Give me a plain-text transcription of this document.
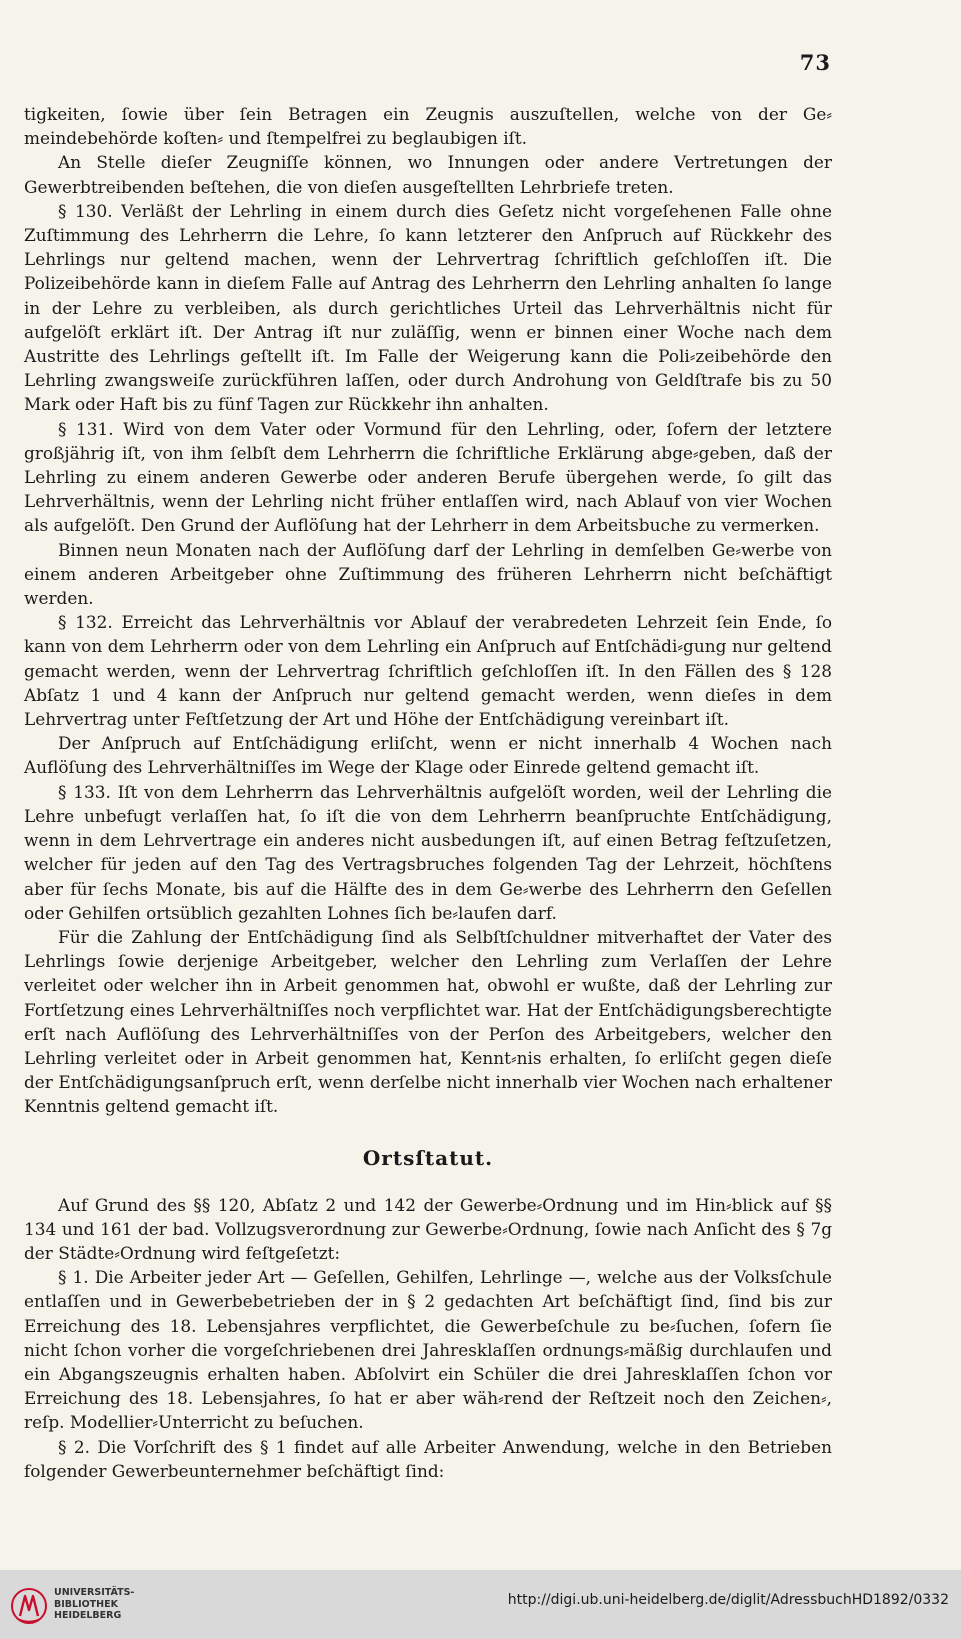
73

tigkeiten, ſowie über ſein Betragen ein Zeugnis auszuſtellen, welche von der Ge⸗meindebehörde koſten⸗ und ſtempelfrei zu beglaubigen iſt.

An Stelle dieſer Zeugniſſe können, wo Innungen oder andere Vertretungen der Gewerbtreibenden beſtehen, die von dieſen ausgeſtellten Lehrbriefe treten.

§ 130. Verläßt der Lehrling in einem durch dies Geſetz nicht vorgeſehenen Falle ohne Zuſtimmung des Lehrherrn die Lehre, ſo kann letzterer den Anſpruch auf Rückkehr des Lehrlings nur geltend machen, wenn der Lehrvertrag ſchriftlich geſchloſſen iſt. Die Polizeibehörde kann in dieſem Falle auf Antrag des Lehrherrn den Lehrling anhalten ſo lange in der Lehre zu verbleiben, als durch gerichtliches Urteil das Lehrverhältnis nicht für aufgelöſt erklärt iſt. Der Antrag iſt nur zuläſſig, wenn er binnen einer Woche nach dem Austritte des Lehrlings geſtellt iſt. Im Falle der Weigerung kann die Poli⸗zeibehörde den Lehrling zwangsweiſe zurückführen laſſen, oder durch Androhung von Geldſtrafe bis zu 50 Mark oder Haft bis zu fünf Tagen zur Rückkehr ihn anhalten.

§ 131. Wird von dem Vater oder Vormund für den Lehrling, oder, ſofern der letztere großjährig iſt, von ihm ſelbſt dem Lehrherrn die ſchriftliche Erklärung abge⸗geben, daß der Lehrling zu einem anderen Gewerbe oder anderen Berufe übergehen werde, ſo gilt das Lehrverhältnis, wenn der Lehrling nicht früher entlaſſen wird, nach Ablauf von vier Wochen als aufgelöſt. Den Grund der Auflöſung hat der Lehrherr in dem Arbeitsbuche zu vermerken.

Binnen neun Monaten nach der Auflöſung darf der Lehrling in demſelben Ge⸗werbe von einem anderen Arbeitgeber ohne Zuſtimmung des früheren Lehrherrn nicht beſchäftigt werden.

§ 132. Erreicht das Lehrverhältnis vor Ablauf der verabredeten Lehrzeit ſein Ende, ſo kann von dem Lehrherrn oder von dem Lehrling ein Anſpruch auf Entſchädi⸗gung nur geltend gemacht werden, wenn der Lehrvertrag ſchriftlich geſchloſſen iſt. In den Fällen des § 128 Abſatz 1 und 4 kann der Anſpruch nur geltend gemacht werden, wenn dieſes in dem Lehrvertrag unter Feſtſetzung der Art und Höhe der Entſchädigung vereinbart iſt.

Der Anſpruch auf Entſchädigung erliſcht, wenn er nicht innerhalb 4 Wochen nach Auflöſung des Lehrverhältniſſes im Wege der Klage oder Einrede geltend gemacht iſt.

§ 133. Iſt von dem Lehrherrn das Lehrverhältnis aufgelöſt worden, weil der Lehrling die Lehre unbefugt verlaſſen hat, ſo iſt die von dem Lehrherrn beanſpruchte Entſchädigung, wenn in dem Lehrvertrage ein anderes nicht ausbedungen iſt, auf einen Betrag feſtzuſetzen, welcher für jeden auf den Tag des Vertragsbruches folgenden Tag der Lehrzeit, höchſtens aber für ſechs Monate, bis auf die Hälfte des in dem Ge⸗werbe des Lehrherrn den Geſellen oder Gehilfen ortsüblich gezahlten Lohnes ſich be⸗laufen darf.

Für die Zahlung der Entſchädigung ſind als Selbſtſchuldner mitverhaftet der Vater des Lehrlings ſowie derjenige Arbeitgeber, welcher den Lehrling zum Verlaſſen der Lehre verleitet oder welcher ihn in Arbeit genommen hat, obwohl er wußte, daß der Lehrling zur Fortſetzung eines Lehrverhältniſſes noch verpflichtet war. Hat der Entſchädigungsberechtigte erſt nach Auflöſung des Lehrverhältniſſes von der Perſon des Arbeitgebers, welcher den Lehrling verleitet oder in Arbeit genommen hat, Kennt⸗nis erhalten, ſo erliſcht gegen dieſe der Entſchädigungsanſpruch erſt, wenn derſelbe nicht innerhalb vier Wochen nach erhaltener Kenntnis geltend gemacht iſt.

Ortsſtatut.

Auf Grund des §§ 120, Abſatz 2 und 142 der Gewerbe⸗Ordnung und im Hin⸗blick auf §§ 134 und 161 der bad. Vollzugsverordnung zur Gewerbe⸗Ordnung, ſowie nach Anſicht des § 7g der Städte⸗Ordnung wird feſtgeſetzt:

§ 1. Die Arbeiter jeder Art — Geſellen, Gehilfen, Lehrlinge —, welche aus der Volksſchule entlaſſen und in Gewerbebetrieben der in § 2 gedachten Art beſchäftigt ſind, ſind bis zur Erreichung des 18. Lebensjahres verpflichtet, die Gewerbeſchule zu be⸗ſuchen, ſofern ſie nicht ſchon vorher die vorgeſchriebenen drei Jahresklaſſen ordnungs⸗mäßig durchlaufen und ein Abgangszeugnis erhalten haben. Abſolvirt ein Schüler die drei Jahresklaſſen ſchon vor Erreichung des 18. Lebensjahres, ſo hat er aber wäh⸗rend der Reſtzeit noch den Zeichen⸗, reſp. Modellier⸗Unterricht zu beſuchen.

§ 2. Die Vorſchrift des § 1 findet auf alle Arbeiter Anwendung, welche in den Betrieben folgender Gewerbeunternehmer beſchäftigt ſind:

UNIVERSITÄTS-
BIBLIOTHEK
HEIDELBERG
http://digi.ub.uni-heidelberg.de/diglit/AdressbuchHD1892/0332
